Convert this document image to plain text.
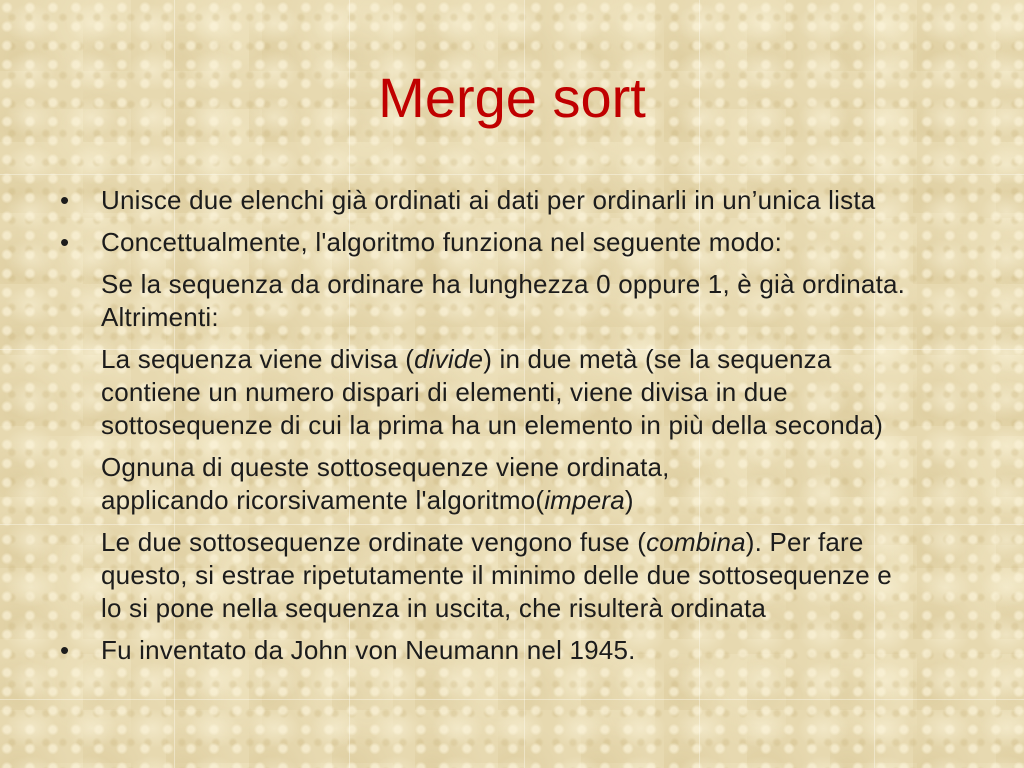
Merge sort

• Unisce due elenchi già ordinati ai dati per ordinarli in un’unica lista

• Concettualmente, l'algoritmo funziona nel seguente modo:

Se la sequenza da ordinare ha lunghezza 0 oppure 1, è già ordinata.
Altrimenti:

La sequenza viene divisa (divide) in due metà (se la sequenza
contiene un numero dispari di elementi, viene divisa in due
sottosequenze di cui la prima ha un elemento in più della seconda)

Ognuna di queste sottosequenze viene ordinata,
applicando ricorsivamente l'algoritmo(impera)

Le due sottosequenze ordinate vengono fuse (combina). Per fare
questo, si estrae ripetutamente il minimo delle due sottosequenze e
lo si pone nella sequenza in uscita, che risulterà ordinata

• Fu inventato da John von Neumann nel 1945.
